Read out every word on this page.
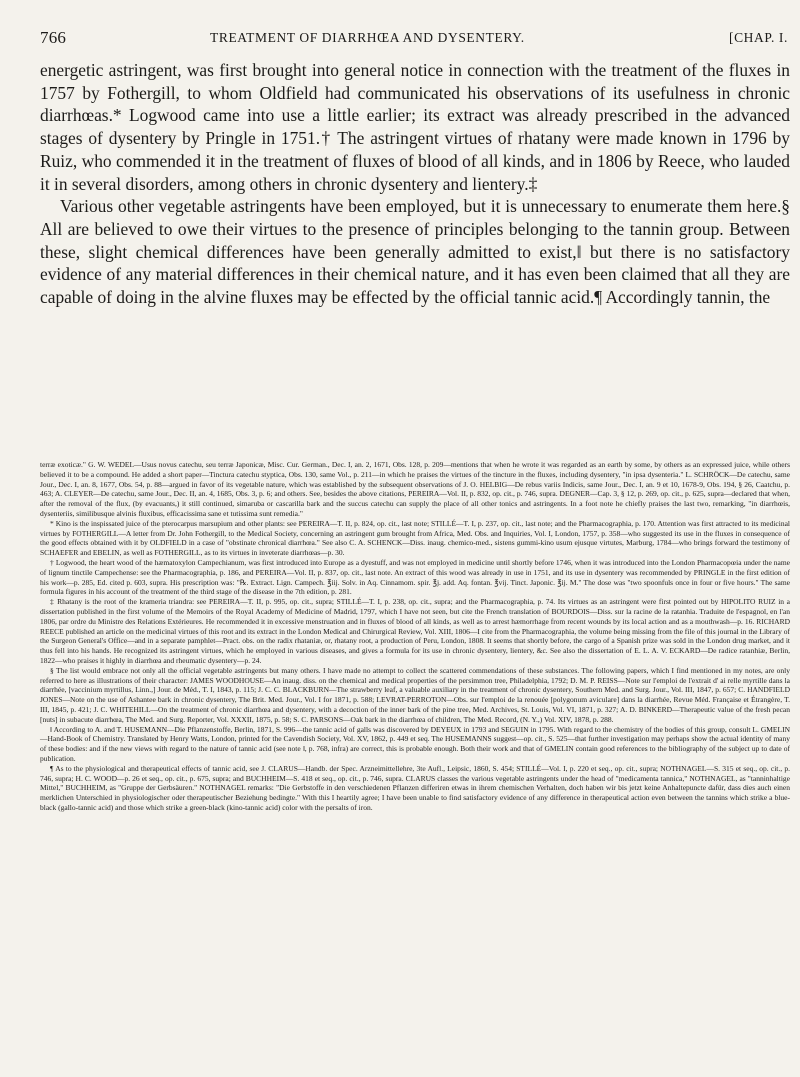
766	TREATMENT OF DIARRHŒA AND DYSENTERY.	[CHAP. I.

energetic astringent, was first brought into general notice in connection with the treatment of the fluxes in 1757 by Fothergill, to whom Oldfield had communicated his observations of its usefulness in chronic diarrhœas.* Logwood came into use a little earlier; its extract was already prescribed in the advanced stages of dysentery by Pringle in 1751.† The astringent virtues of rhatany were made known in 1796 by Ruiz, who commended it in the treatment of fluxes of blood of all kinds, and in 1806 by Reece, who lauded it in several disorders, among others in chronic dysentery and lientery.‡

Various other vegetable astringents have been employed, but it is unnecessary to enumerate them here.§ All are believed to owe their virtues to the presence of principles belonging to the tannin group. Between these, slight chemical differences have been generally admitted to exist,‖ but there is no satisfactory evidence of any material differences in their chemical nature, and it has even been claimed that all they are capable of doing in the alvine fluxes may be effected by the official tannic acid.¶ Accordingly tannin, the

terræ exoticæ." G. W. WEDEL—Usus novus catechu, seu terræ Japonicæ, Misc. Cur. German., Dec. I, an. 2, 1671, Obs. 128, p. 209—mentions that when he wrote it was regarded as an earth by some, by others as an expressed juice, while others believed it to be a compound. He added a short paper—Tinctura catechu styptica, Obs. 130, same Vol., p. 211—in which he praises the virtues of the tincture in the fluxes, including dysentery, "in ipsa dysenteria." L. SCHRÖCK—De catechu, same Jour., Dec. I, an. 8, 1677, Obs. 54, p. 88—argued in favor of its vegetable nature, which was established by the subsequent observations of J. O. HELBIG—De rebus variis Indicis, same Jour., Dec. I, an. 9 et 10, 1678-9, Obs. 194, § 26, Caatchu, p. 463; A. CLEYER—De catechu, same Jour., Dec. II, an. 4, 1685, Obs. 3, p. 6; and others. See, besides the above citations, PEREIRA—Vol. II, p. 832, op. cit., p. 746, supra. DEGNER—Cap. 3, § 12, p. 269, op. cit., p. 625, supra—declared that when, after the removal of the flux, (by evacuants,) it still continued, simaruba or cascarilla bark and the succus catechu can supply the place of all other tonics and astringents. In a foot note he chiefly praises the last two, remarking, "in diarrhœis, dysenteriis, similibusque alvinis fluxibus, efficacissima sane et tutissima sunt remedia."

* Kino is the inspissated juice of the pterocarpus marsupium and other plants: see PEREIRA—T. II, p. 824, op. cit., last note; STILLÉ—T. I, p. 237, op. cit., last note; and the Pharmacographia, p. 170. Attention was first attracted to its medicinal virtues by FOTHERGILL—A letter from Dr. John Fothergill, to the Medical Society, concerning an astringent gum brought from Africa, Med. Obs. and Inquiries, Vol. I, London, 1757, p. 358—who suggested its use in the fluxes in consequence of the good effects obtained with it by OLDFIELD in a case of "obstinate chronical diarrhœa." See also C. A. SCHENCK—Diss. inaug. chemico-med., sistens gummi-kino usum ejusque virtutes, Marburg, 1784—who brings forward the testimony of SCHAEFER and EBELIN, as well as FOTHERGILL, as to its virtues in inveterate diarrhœas—p. 30.

† Logwood, the heart wood of the hæmatoxylon Campechianum, was first introduced into Europe as a dyestuff, and was not employed in medicine until shortly before 1746, when it was introduced into the London Pharmacopœia under the name of lignum tinctile Campechense: see the Pharmacographia, p. 186, and PEREIRA—Vol. II, p. 837, op. cit., last note. An extract of this wood was already in use in 1751, and its use in dysentery was recommended by PRINGLE in the first edition of his work—p. 285, Ed. cited p. 603, supra. His prescription was: "℞. Extract. Lign. Campech. ℥iij. Solv. in Aq. Cinnamom. spir. ℥j. add. Aq. fontan. ℥vij. Tinct. Japonic. ℥ij. M." The dose was "two spoonfuls once in four or five hours." The same formula figures in his account of the treatment of the third stage of the disease in the 7th edition, p. 281.

‡ Rhatany is the root of the krameria triandra: see PEREIRA—T. II, p. 995, op. cit., supra; STILLÉ—T. I, p. 238, op. cit., supra; and the Pharmacographia, p. 74. Its virtues as an astringent were first pointed out by HIPOLITO RUIZ in a dissertation published in the first volume of the Memoirs of the Royal Academy of Medicine of Madrid, 1797, which I have not seen, but cite the French translation of BOURDOIS—Diss. sur la racine de la ratanhia. Traduite de l'espagnol, en l'an 1806, par ordre du Ministre des Relations Extérieures. He recommended it in excessive menstruation and in fluxes of blood of all kinds, as well as to arrest hæmorrhage from recent wounds by its local action and as a mouthwash—p. 16. RICHARD REECE published an article on the medicinal virtues of this root and its extract in the London Medical and Chirurgical Review, Vol. XIII, 1806—I cite from the Pharmacographia, the volume being missing from the file of this journal in the Library of the Surgeon General's Office—and in a separate pamphlet—Pract. obs. on the radix rhataniæ, or, rhatany root, a production of Peru, London, 1808. It seems that shortly before, the cargo of a Spanish prize was sold in the London drug market, and it thus fell into his hands. He recognized its astringent virtues, which he employed in various diseases, and gives a formula for its use in chronic dysentery, lientery, &c. See also the dissertation of E. L. A. V. ECKARD—De radice ratanhiæ, Berlin, 1822—who praises it highly in diarrhœa and rheumatic dysentery—p. 24.

§ The list would embrace not only all the official vegetable astringents but many others. I have made no attempt to collect the scattered commendations of these substances. The following papers, which I find mentioned in my notes, are only referred to here as illustrations of their character: JAMES WOODHOUSE—An inaug. diss. on the chemical and medical properties of the persimmon tree, Philadelphia, 1792; D. M. P. REISS—Note sur l'emploi de l'extrait d' ai relle myrtille dans la diarrhée, [vaccinium myrtillus, Linn.,] Jour. de Méd., T. I, 1843, p. 115; J. C. C. BLACKBURN—The strawberry leaf, a valuable auxiliary in the treatment of chronic dysentery, Southern Med. and Surg. Jour., Vol. III, 1847, p. 657; C. HANDFIELD JONES—Note on the use of Ashantee bark in chronic dysentery, The Brit. Med. Jour., Vol. I for 1871, p. 588; LEVRAT-PERROTON—Obs. sur l'emploi de la renouée [polygonum aviculare] dans la diarrhée, Revue Méd. Française et Étrangère, T. III, 1845, p. 421; J. C. WHITEHILL—On the treatment of chronic diarrhœa and dysentery, with a decoction of the inner bark of the pine tree, Med. Archives, St. Louis, Vol. VI, 1871, p. 327; A. D. BINKERD—Therapeutic value of the fresh pecan [nuts] in subacute diarrhœa, The Med. and Surg. Reporter, Vol. XXXII, 1875, p. 58; S. C. PARSONS—Oak bark in the diarrhœa of children, The Med. Record, (N. Y.,) Vol. XIV, 1878, p. 288.

‖ According to A. and T. HUSEMANN—Die Pflanzenstoffe, Berlin, 1871, S. 996—the tannic acid of galls was discovered by DEYEUX in 1793 and SEGUIN in 1795. With regard to the chemistry of the bodies of this group, consult L. GMELIN—Hand-Book of Chemistry. Translated by Henry Watts, London, printed for the Cavendish Society, Vol. XV, 1862, p. 449 et seq. The HUSEMANNS suggest—op. cit., S. 525—that further investigation may perhaps show the actual identity of many of these bodies: and if the new views with regard to the nature of tannic acid (see note ‖, p. 768, infra) are correct, this is probable enough. Both their work and that of GMELIN contain good references to the bibliography of the subject up to date of publication.

¶ As to the physiological and therapeutical effects of tannic acid, see J. CLARUS—Handb. der Spec. Arzneimittellehre, 3te Aufl., Leipsic, 1860, S. 454; STILLÉ—Vol. I, p. 220 et seq., op. cit., supra; NOTHNAGEL—S. 315 et seq., op. cit., p. 746, supra; H. C. WOOD—p. 26 et seq., op. cit., p. 675, supra; and BUCHHEIM—S. 418 et seq., op. cit., p. 746, supra. CLARUS classes the various vegetable astringents under the head of "medicamenta tannica," NOTHNAGEL, as "tanninhaltige Mittel," BUCHHEIM, as "Gruppe der Gerbsäuren." NOTHNAGEL remarks: "Die Gerbstoffe in den verschiedenen Pflanzen differiren etwas in ihrem chemischen Verhalten, doch haben wir bis jetzt keine Anhaltepuncte dafür, dass dies auch einen merklichen Unterschied in physiologischer oder therapeutischer Beziehung bedingte." With this I heartily agree; I have been unable to find satisfactory evidence of any difference in therapeutical action even between the tannins which strike a blue-black (gallo-tannic acid) and those which strike a green-black (kino-tannic acid) color with the persalts of iron.
